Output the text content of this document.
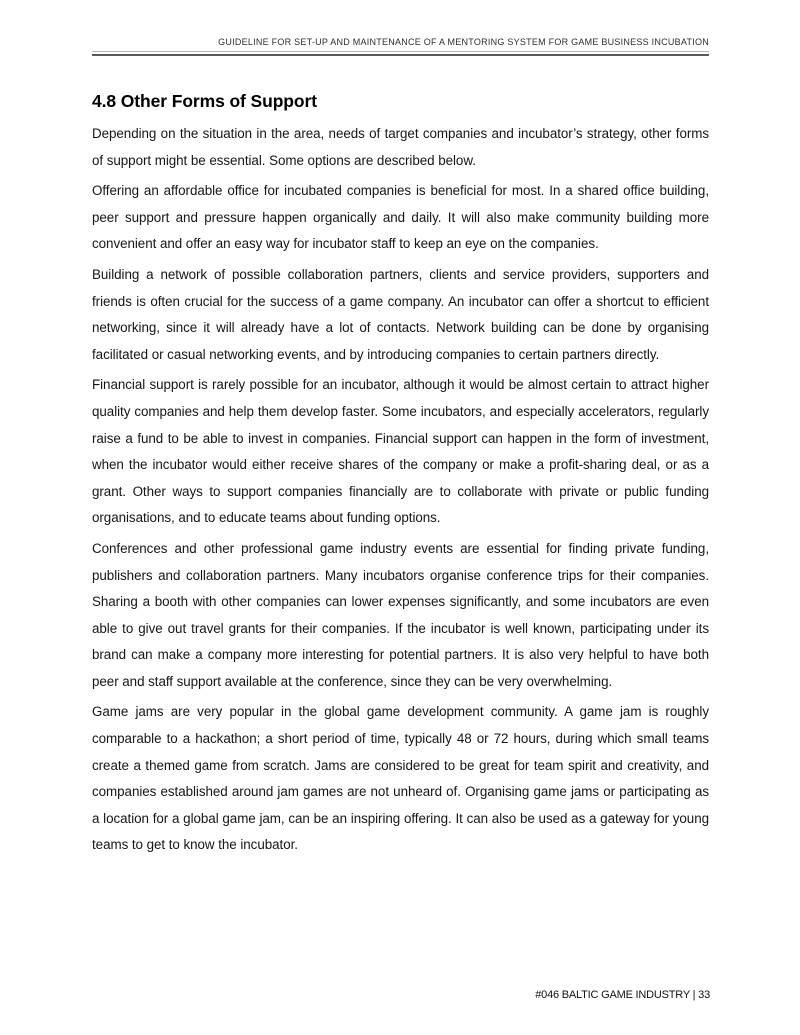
GUIDELINE FOR SET-UP AND MAINTENANCE OF A MENTORING SYSTEM FOR GAME BUSINESS INCUBATION
4.8 Other Forms of Support

Depending on the situation in the area, needs of target companies and incubator’s strategy, other forms of support might be essential. Some options are described below.

Offering an affordable office for incubated companies is beneficial for most. In a shared office building, peer support and pressure happen organically and daily. It will also make community building more convenient and offer an easy way for incubator staff to keep an eye on the companies.

Building a network of possible collaboration partners, clients and service providers, supporters and friends is often crucial for the success of a game company. An incubator can offer a shortcut to efficient networking, since it will already have a lot of contacts. Network building can be done by organising facilitated or casual networking events, and by introducing companies to certain partners directly.

Financial support is rarely possible for an incubator, although it would be almost certain to attract higher quality companies and help them develop faster. Some incubators, and especially accelerators, regularly raise a fund to be able to invest in companies. Financial support can happen in the form of investment, when the incubator would either receive shares of the company or make a profit-sharing deal, or as a grant. Other ways to support companies financially are to collaborate with private or public funding organisations, and to educate teams about funding options.

Conferences and other professional game industry events are essential for finding private funding, publishers and collaboration partners. Many incubators organise conference trips for their companies. Sharing a booth with other companies can lower expenses significantly, and some incubators are even able to give out travel grants for their companies. If the incubator is well known, participating under its brand can make a company more interesting for potential partners. It is also very helpful to have both peer and staff support available at the conference, since they can be very overwhelming.

Game jams are very popular in the global game development community. A game jam is roughly comparable to a hackathon; a short period of time, typically 48 or 72 hours, during which small teams create a themed game from scratch. Jams are considered to be great for team spirit and creativity, and companies established around jam games are not unheard of. Organising game jams or participating as a location for a global game jam, can be an inspiring offering. It can also be used as a gateway for young teams to get to know the incubator.

#046 BALTIC GAME INDUSTRY | 33
